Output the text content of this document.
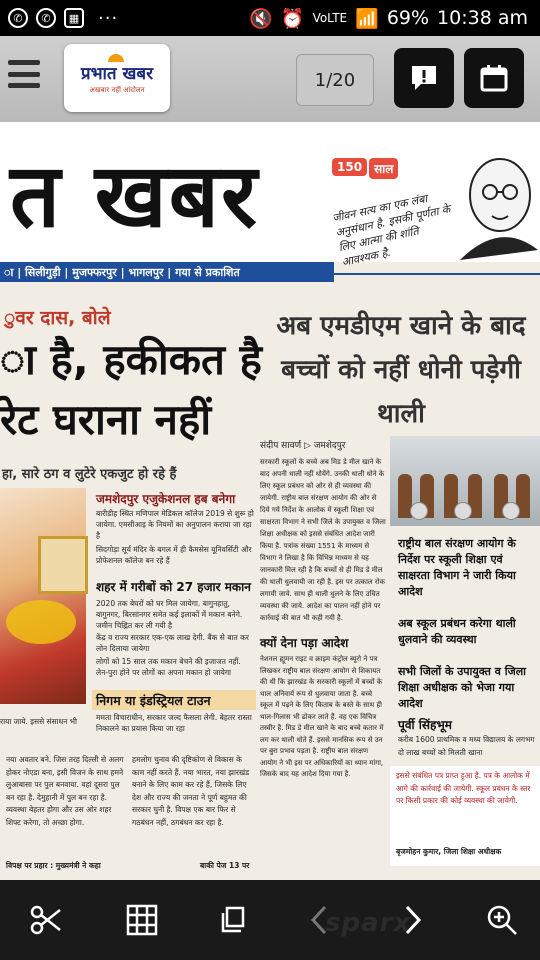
✆	✆	▦ ···	🔇 ⏰ VoLTE 📶 69% 10:38 am
प्रभात खबर
अखबार नहीं आंदोलन	1/20
त खबर	150 साल
जीवन सत्य का एक लंबा अनुसंधान है. इसकी पूर्णता के लिए आत्मा की शांति आवश्यक है.
ा | सिलीगुड़ी | मुजफ्फरपुर | भागलपुर | गया से प्रकाशित
ुवर दास, बोले
ा है, हकीकत है
रेट घराना नहीं
हा, सारे ठग व लुटेरे एकजुट हो रहे हैं
जमशेदपुर एजुकेशनल हब बनेगा
बारीडीह स्थित मणिपाल मेडिकल कॉलेज 2019 से शुरू हो जायेगा. एमसीआइ के नियमों का अनुपालन कराया जा रहा है
सिदगोड़ा सूर्य मंदिर के बगल में ही कैमसेस यूनिवर्सिटी और प्रोफेशनल कॉलेज बन रहे हैं
शहर में गरीबों को 27 हजार मकान
2020 तक बेघरों को घर मिल जायेगा. बागुनहातु, बागुनगर, बिरसानगर समेत कई इलाकों में मकान बनेगे. जमीन चिह्नित कर ली गयी है
केंद्र व राज्य सरकार एक-एक लाख देगी. बैंक से बात कर लोन दिलाया जायेगा
लोगों को 15 साल तक मकान बेचने की इजाजत नहीं. लेन-पुरा होने पर लोगों का अपना मकान हो जायेगा
निगम या इंडस्ट्रियल टाउन
ममता विचाराधीन, सरकार जल्द फैसला लेगी. बेहतर रास्ता निकालने का प्रयास किया जा रहा
राया जाये. इससे संसाधन भी
नया अवतार बने. जिस तरह दिल्ली से अलग होकर नोएडा बना, इसी विजन के साथ हमने लुआबासा पर पुल बनवाया. वहां दूसरा पुल बन रहा है. देमुहानी में पुल बन रहा है. व्यवस्था बेहतर होगा और उस ओर शहर शिफ्ट करेगा, तो अच्छा होगा.
विपक्ष पर प्रहार : मुख्यमंत्री ने कहा
हमलोग चुनाव की दृष्टिकोण से विकास के काम नहीं करते हैं. नया भारत, नया झारखंड बनाने के लिए काम कर रहे हैं, जिसके लिए देश और राज्य की जनता ने पूर्ण बहुमत की सरकार चुनी है. विपक्ष एक बार फिर से गठबंधन नहीं, ठगबंधन कर रहा है.
बाकी पेज 13 पर
अब एमडीएम खाने के बाद बच्चों को नहीं धोनी पड़ेगी थाली
संदीप सावर्ण ▷ जमशेदपुर
सरकारी स्कूलों के बच्चे अब मिड डे मील खाने के बाद अपनी थाली नहीं धोयेंगे. उनकी थाली धोने के लिए स्कूल प्रबंधन को ओर से ही व्यवस्था की जायेगी. राष्ट्रीय बाल संरक्षण आयोग की ओर से दिये गये निर्देश के आलोक में स्कूली शिक्षा एवं साक्षरता विभाग ने सभी जिले के उपायुक्त व जिला शिक्षा अधीक्षक को इससे संबंधित आदेश जारी किया है. पत्रांक संख्या 1551 के माध्यम से विभाग ने लिखा है कि विभिन्न माध्यम से यह जानकारी मिल रही है कि बच्चों से ही मिड डे मील की थाली धुलवायी जा रही है. इस पर तत्काल रोक लगायी जाये. साथ ही थाली धुलने के लिए उचित व्यवस्था की जाये. आदेश का पालन नहीं होने पर कार्रवाई की बात भी कही गयी है.
क्यों देना पड़ा आदेश
नेशनल ह्यूमन राइट व क्राइम कंट्रोल ब्यूरो ने पत्र लिखकर राष्ट्रीय बाल संरक्षण आयोग से शिकायत की थी कि झारखंड के सरकारी स्कूलों में बच्चों के थाल अनिवार्य रूप से धुलवाया जाता है. बच्चे स्कूल में पढ़ने के लिए किताब के बस्ते के साथ ही थाल-गिलास भी ढोकर लाते हैं. वह एक विचित्र तस्वीर है. मिड डे मील खाने के बाद बच्चे कतार में लग कर थाली धोते हैं. इससे मानसिक रूप से उन पर बुरा प्रभाव पड़ता है. राष्ट्रीय बाल संरक्षण आयोग ने भी इस पर अधिकारियों का ध्यान मांगा, जिसके बाद यह आदेश दिया गया है.
राष्ट्रीय बाल संरक्षण आयोग के निर्देश पर स्कूली शिक्षा एवं साक्षरता विभाग ने जारी किया आदेश
अब स्कूल प्रबंधन करेगा थाली धुलवाने की व्यवस्था
सभी जिलों के उपायुक्त व जिला शिक्षा अधीक्षक को भेजा गया आदेश
पूर्वी सिंहभूम
करीब 1600 प्राथमिक व मध्य विद्यालय के लगभग दो लाख बच्चों को मिलती खाना
इससे संबंधित पत्र प्राप्त हुआ है. पत्र के आलोक में आगे की कार्रवाई की जायेगी. स्कूल प्रबंधन के स्तर पर किसी प्रकार की कोई व्यवस्था की जायेगी.
बृजमोहन कुमार, जिला शिक्षा अधीक्षक
sparx
